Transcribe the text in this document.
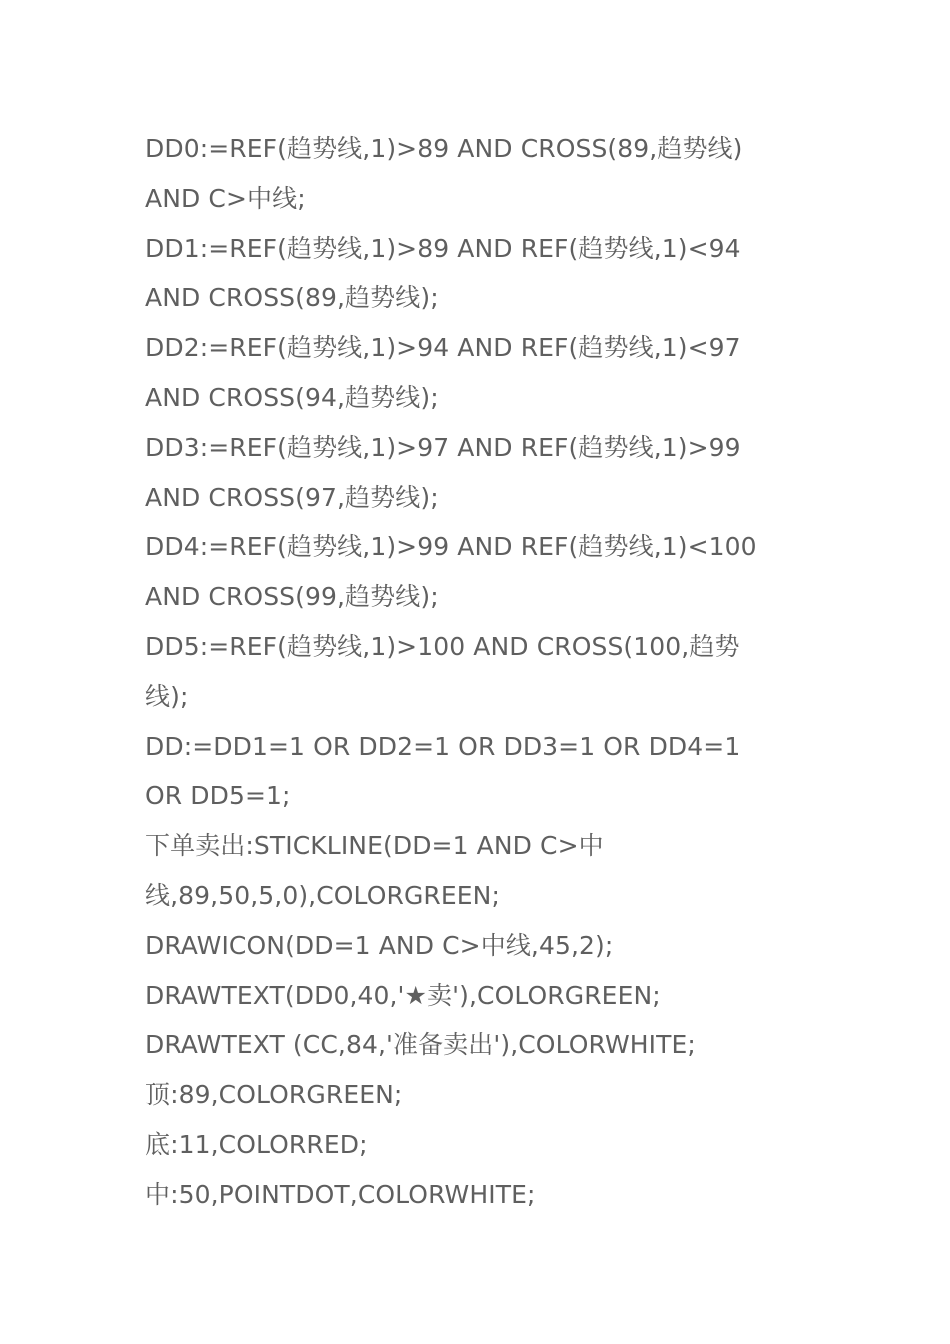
DD0:=REF(趋势线,1)>89 AND CROSS(89,趋势线)
AND C>中线;
DD1:=REF(趋势线,1)>89 AND REF(趋势线,1)<94
AND CROSS(89,趋势线);
DD2:=REF(趋势线,1)>94 AND REF(趋势线,1)<97
AND CROSS(94,趋势线);
DD3:=REF(趋势线,1)>97 AND REF(趋势线,1)>99
AND CROSS(97,趋势线);
DD4:=REF(趋势线,1)>99 AND REF(趋势线,1)<100
AND CROSS(99,趋势线);
DD5:=REF(趋势线,1)>100 AND CROSS(100,趋势
线);
DD:=DD1=1 OR DD2=1 OR DD3=1 OR DD4=1
OR DD5=1;
下单卖出:STICKLINE(DD=1 AND C>中
线,89,50,5,0),COLORGREEN;
DRAWICON(DD=1 AND C>中线,45,2);
DRAWTEXT(DD0,40,'★卖'),COLORGREEN;
DRAWTEXT (CC,84,'准备卖出'),COLORWHITE;
顶:89,COLORGREEN;
底:11,COLORRED;
中:50,POINTDOT,COLORWHITE;
